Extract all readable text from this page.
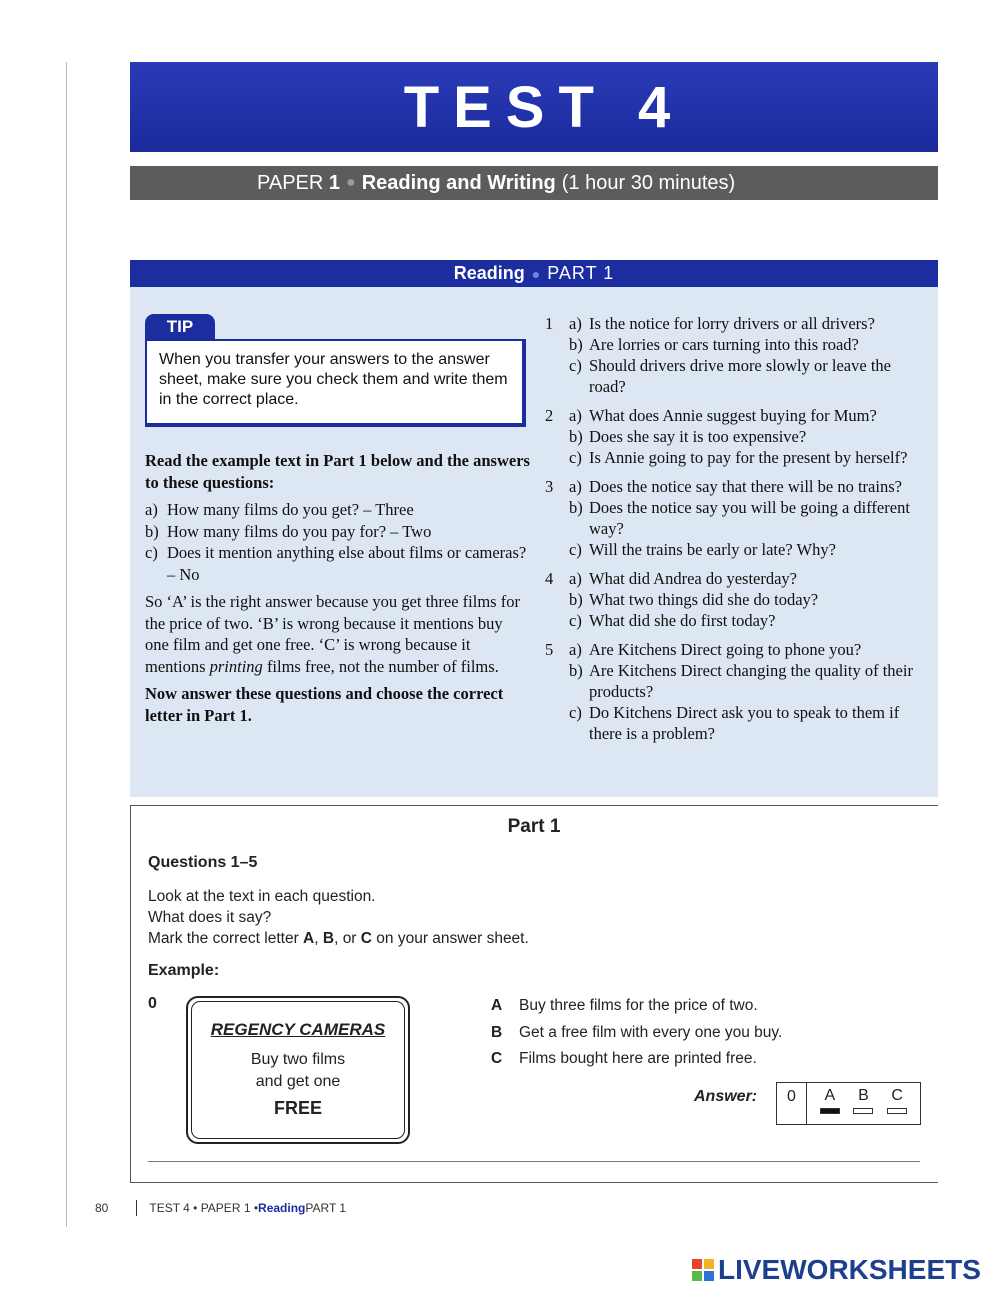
TEST 4
PAPER
1 ● Reading and Writing (1 hour 30 minutes)
Reading ● PART 1
TIP
When you transfer your answers to the answer sheet, make sure you check them and write them in the correct place.

Read the example text in Part 1 below and the answers to these questions:

a) How many films do you get? – Three
b) How many films do you pay for? – Two
c) Does it mention anything else about films or cameras? – No

So ‘A’ is the right answer because you get three films for the price of two. ‘B’ is wrong because it mentions buy one film and get one free. ‘C’ is wrong because it mentions printing films free, not the number of films.

Now answer these questions and choose the correct letter in Part 1.

1 a) Is the notice for lorry drivers or all drivers?
b) Are lorries or cars turning into this road?
c) Should drivers drive more slowly or leave the road?
2 a) What does Annie suggest buying for Mum?
b) Does she say it is too expensive?
c) Is Annie going to pay for the present by herself?
3 a) Does the notice say that there will be no trains?
b) Does the notice say you will be going a different way?
c) Will the trains be early or late? Why?
4 a) What did Andrea do yesterday?
b) What two things did she do today?
c) What did she do first today?
5 a) Are Kitchens Direct going to phone you?
b) Are Kitchens Direct changing the quality of their products?
c) Do Kitchens Direct ask you to speak to them if there is a problem?
Part 1
Questions 1–5
Look at the text in each question.
What does it say?
Mark the correct letter A, B, or C on your answer sheet.
Example:
0
REGENCY CAMERAS
Buy two films
and get one
FREE
A	Buy three films for the price of two.
B	Get a free film with every one you buy.
C	Films bought here are printed free.
Answer:	0	A B C
80	TEST 4 • PAPER 1 • Reading PART 1
LIVEWORKSHEETS
